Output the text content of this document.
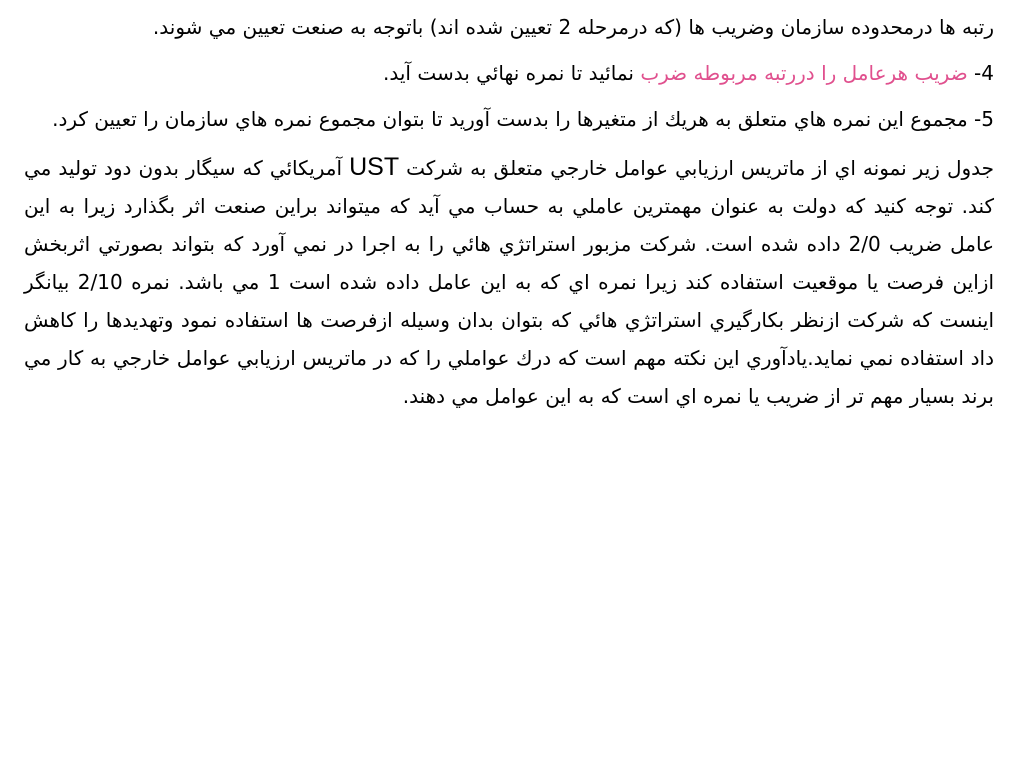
رتبه ها درمحدوده سازمان وضريب ها (كه درمرحله 2 تعيين شده اند) باتوجه به صنعت تعيين مي شوند.

4- ضريب هرعامل را دررتبه مربوطه ضرب نمائيد تا نمره نهائي بدست آيد.

5- مجموع اين نمره هاي متعلق به هريك از متغيرها را بدست آوريد تا بتوان مجموع نمره هاي سازمان را تعيين كرد.

جدول زير نمونه اي از ماتريس ارزيابي عوامل خارجي متعلق به شركت UST آمريكائي كه سيگار بدون دود توليد مي كند. توجه كنيد كه دولت به عنوان مهمترين عاملي به حساب مي آيد كه ميتواند براين صنعت اثر بگذارد زيرا به اين عامل ضريب 2/0 داده شده است. شركت مزبور استراتژي هائي را به اجرا در نمي آورد كه بتواند بصورتي اثربخش ازاين فرصت يا موقعيت استفاده كند زيرا نمره اي كه به اين عامل داده شده است 1 مي باشد. نمره 2/10 بيانگر اينست كه شركت ازنظر بكارگيري استراتژي هائي كه بتوان بدان وسيله ازفرصت ها استفاده نمود وتهديدها را كاهش داد استفاده نمي نمايد.يادآوري اين نكته مهم است كه درك عواملي را كه در ماتريس ارزيابي عوامل خارجي به كار مي برند بسيار مهم تر از ضريب يا نمره اي است كه به اين عوامل مي دهند.
